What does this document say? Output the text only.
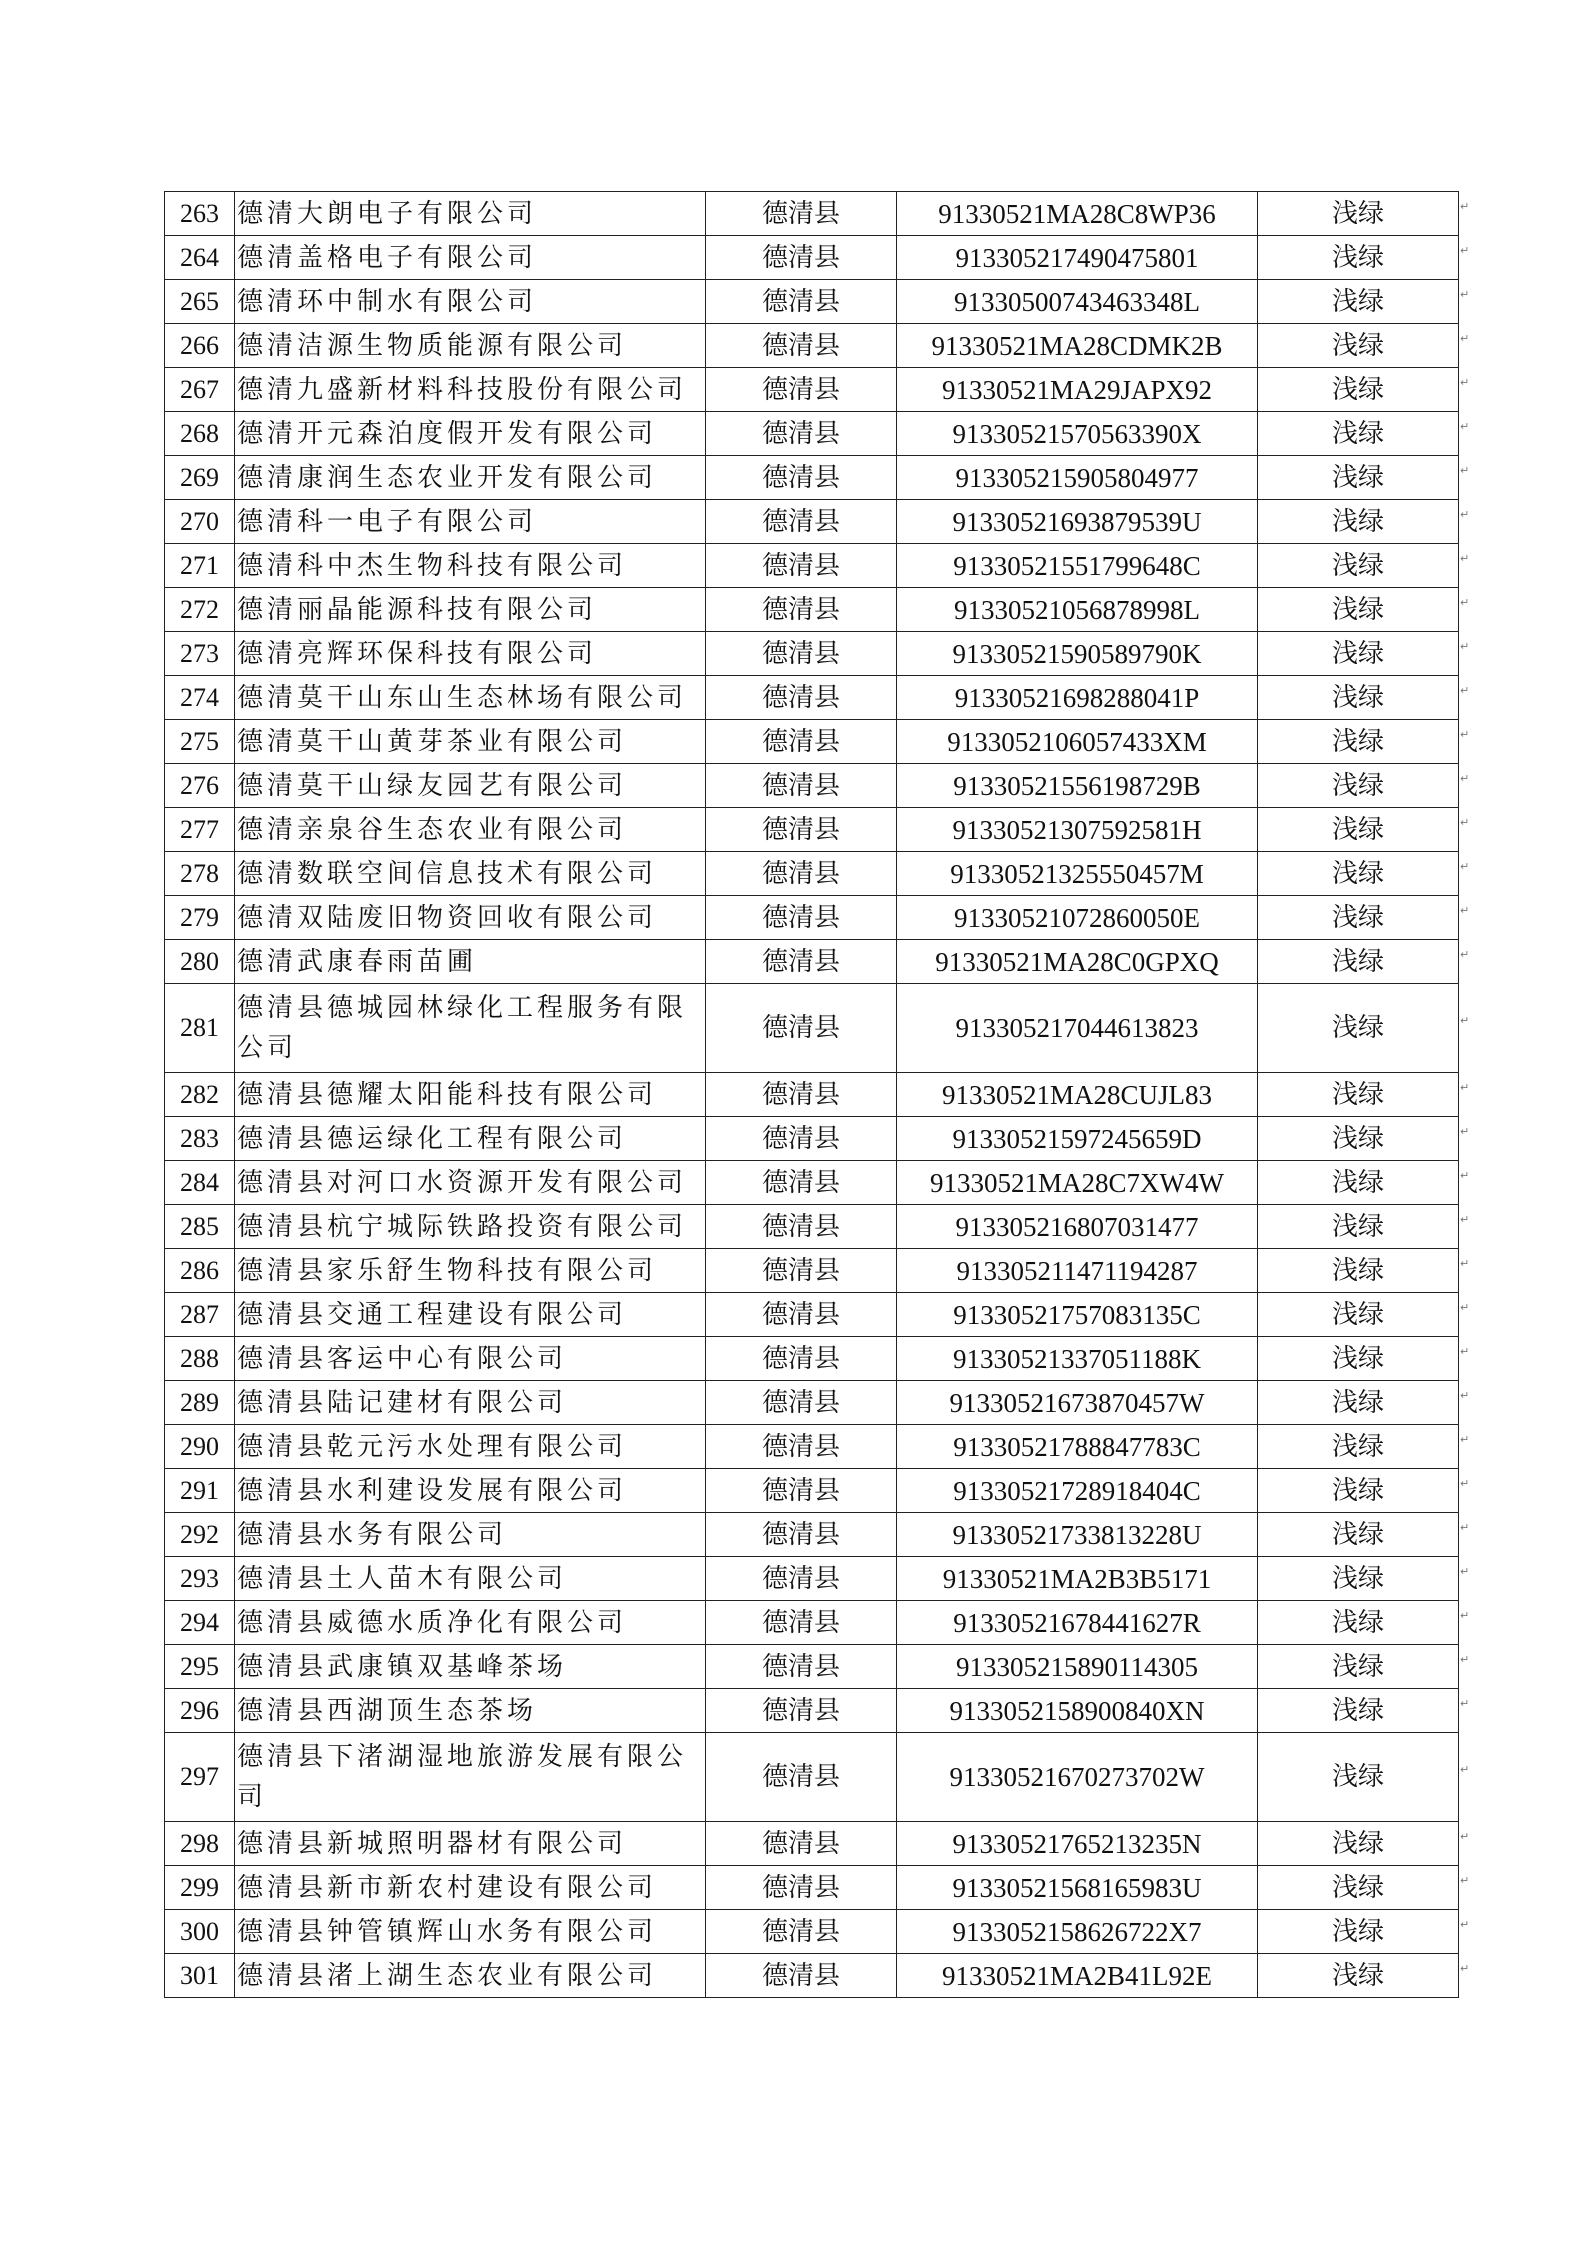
263	德清大朗电子有限公司	德清县	91330521MA28C8WP36	浅绿
264	德清盖格电子有限公司	德清县	913305217490475801	浅绿
265	德清环中制水有限公司	德清县	91330500743463348L	浅绿
266	德清洁源生物质能源有限公司	德清县	91330521MA28CDMK2B	浅绿
267	德清九盛新材料科技股份有限公司	德清县	91330521MA29JAPX92	浅绿
268	德清开元森泊度假开发有限公司	德清县	91330521570563390X	浅绿
269	德清康润生态农业开发有限公司	德清县	913305215905804977	浅绿
270	德清科一电子有限公司	德清县	91330521693879539U	浅绿
271	德清科中杰生物科技有限公司	德清县	91330521551799648C	浅绿
272	德清丽晶能源科技有限公司	德清县	91330521056878998L	浅绿
273	德清亮辉环保科技有限公司	德清县	91330521590589790K	浅绿
274	德清莫干山东山生态林场有限公司	德清县	91330521698288041P	浅绿
275	德清莫干山黄芽茶业有限公司	德清县	9133052106057433XM	浅绿
276	德清莫干山绿友园艺有限公司	德清县	91330521556198729B	浅绿
277	德清亲泉谷生态农业有限公司	德清县	91330521307592581H	浅绿
278	德清数联空间信息技术有限公司	德清县	91330521325550457M	浅绿
279	德清双陆废旧物资回收有限公司	德清县	91330521072860050E	浅绿
280	德清武康春雨苗圃	德清县	91330521MA28C0GPXQ	浅绿
281	德清县德城园林绿化工程服务有限公司	德清县	913305217044613823	浅绿
282	德清县德耀太阳能科技有限公司	德清县	91330521MA28CUJL83	浅绿
283	德清县德运绿化工程有限公司	德清县	91330521597245659D	浅绿
284	德清县对河口水资源开发有限公司	德清县	91330521MA28C7XW4W	浅绿
285	德清县杭宁城际铁路投资有限公司	德清县	913305216807031477	浅绿
286	德清县家乐舒生物科技有限公司	德清县	913305211471194287	浅绿
287	德清县交通工程建设有限公司	德清县	91330521757083135C	浅绿
288	德清县客运中心有限公司	德清县	91330521337051188K	浅绿
289	德清县陆记建材有限公司	德清县	91330521673870457W	浅绿
290	德清县乾元污水处理有限公司	德清县	91330521788847783C	浅绿
291	德清县水利建设发展有限公司	德清县	91330521728918404C	浅绿
292	德清县水务有限公司	德清县	91330521733813228U	浅绿
293	德清县土人苗木有限公司	德清县	91330521MA2B3B5171	浅绿
294	德清县威德水质净化有限公司	德清县	91330521678441627R	浅绿
295	德清县武康镇双基峰茶场	德清县	913305215890114305	浅绿
296	德清县西湖顶生态茶场	德清县	9133052158900840XN	浅绿
297	德清县下渚湖湿地旅游发展有限公司	德清县	91330521670273702W	浅绿
298	德清县新城照明器材有限公司	德清县	91330521765213235N	浅绿
299	德清县新市新农村建设有限公司	德清县	91330521568165983U	浅绿
300	德清县钟管镇辉山水务有限公司	德清县	9133052158626722X7	浅绿
301	德清县渚上湖生态农业有限公司	德清县	91330521MA2B41L92E	浅绿
↵
↵
↵
↵
↵
↵
↵
↵
↵
↵
↵
↵
↵
↵
↵
↵
↵
↵
↵
↵
↵
↵
↵
↵
↵
↵
↵
↵
↵
↵
↵
↵
↵
↵
↵
↵
↵
↵
↵
